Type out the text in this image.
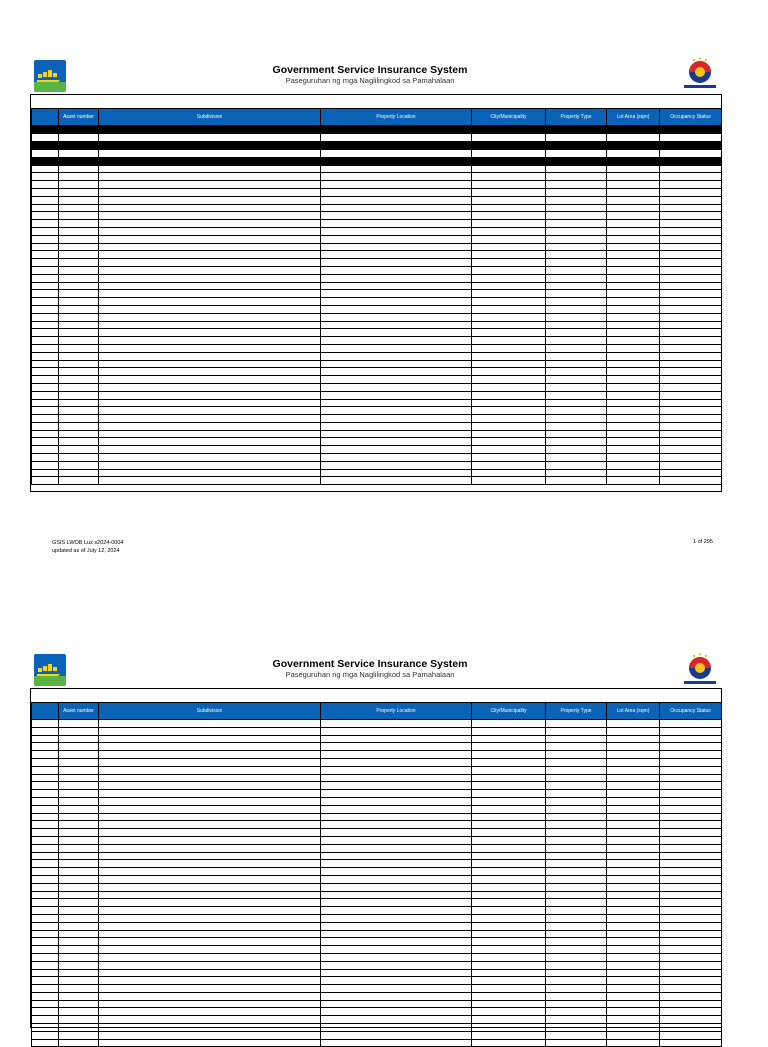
Government Service Insurance System
Paseguruhan ng mga Naglilingkod sa Pamahalaan
	Asset number	Subdivision	Property Location	City/Municipality	Property Type	Lot Area (sqm)	Occupancy Status

GSIS LWOB Luz s2024-0004
updated as of July 12, 2024
1 of 295
Government Service Insurance System
Paseguruhan ng mga Naglilingkod sa Pamahalaan
	Asset number	Subdivision	Property Location	City/Municipality	Property Type	Lot Area (sqm)	Occupancy Status
